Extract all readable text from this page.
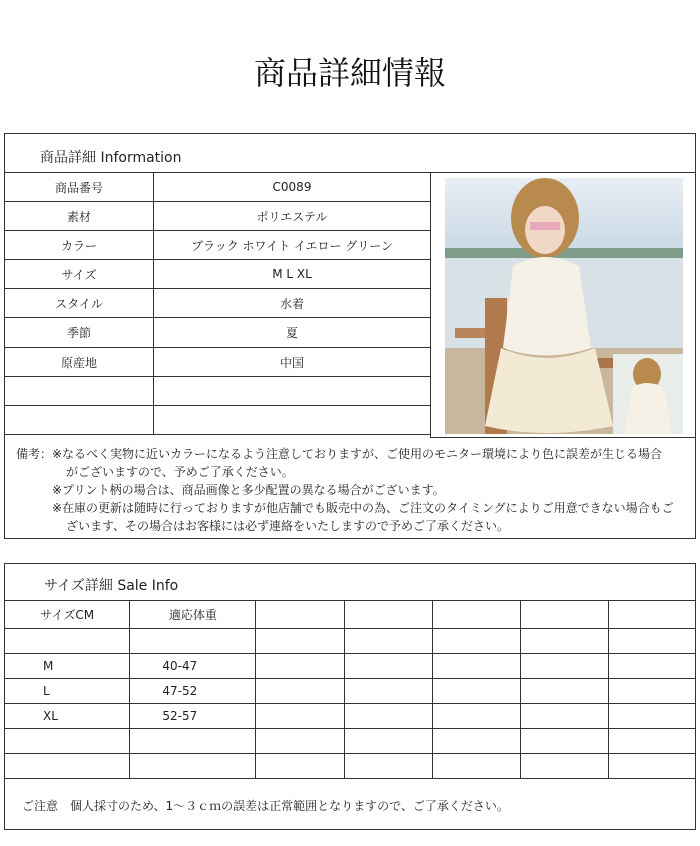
商品詳細情報
商品詳細 Information
商品番号	C0089
素材	ポリエステル
カラー	ブラック ホワイト イエロー グリーン
サイズ	M L XL
スタイル	水着
季節	夏
原産地	中国

備考：※なるべく実物に近いカラーになるよう注意しておりますが、ご使用のモニター環境により色に誤差が生じる場合
がございますので、予めご了承ください。
※プリント柄の場合は、商品画像と多少配置の異なる場合がございます。
※在庫の更新は随時に行っておりますが他店舗でも販売中の為、ご注文のタイミングによりご用意できない場合もご
ざいます、その場合はお客様には必ず連絡をいたしますので予めご了承ください。
サイズ詳細 Sale Info
サイズCM	適応体重					

M	40-47					
L	47-52					
XL	52-57					

ご注意　個人採寸のため、1～３ｃｍの誤差は正常範囲となりますので、ご了承ください。
